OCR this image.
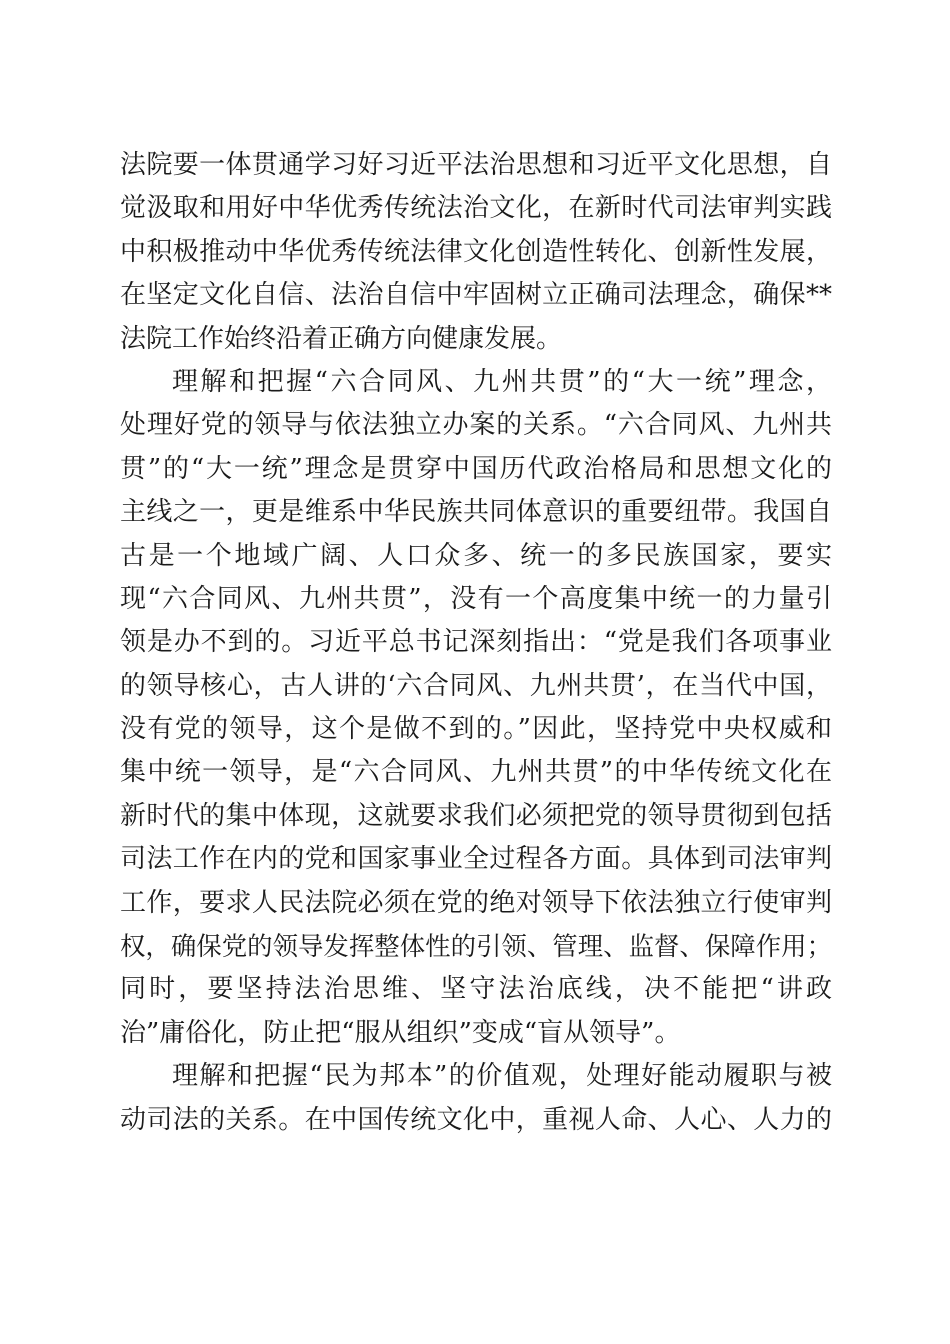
法院要一体贯通学习好习近平法治思想和习近平文化思想，自
觉汲取和用好中华优秀传统法治文化，在新时代司法审判实践
中积极推动中华优秀传统法律文化创造性转化、创新性发展，
在坚定文化自信、法治自信中牢固树立正确司法理念，确保**
法院工作始终沿着正确方向健康发展。
理解和把握“六合同风、九州共贯”的“大一统”理念，
处理好党的领导与依法独立办案的关系。“六合同风、九州共
贯”的“大一统”理念是贯穿中国历代政治格局和思想文化的
主线之一，更是维系中华民族共同体意识的重要纽带。我国自
古是一个地域广阔、人口众多、统一的多民族国家，要实
现“六合同风、九州共贯”，没有一个高度集中统一的力量引
领是办不到的。习近平总书记深刻指出：“党是我们各项事业
的领导核心，古人讲的‘六合同风、九州共贯’，在当代中国，
没有党的领导，这个是做不到的。”因此，坚持党中央权威和
集中统一领导，是“六合同风、九州共贯”的中华传统文化在
新时代的集中体现，这就要求我们必须把党的领导贯彻到包括
司法工作在内的党和国家事业全过程各方面。具体到司法审判
工作，要求人民法院必须在党的绝对领导下依法独立行使审判
权，确保党的领导发挥整体性的引领、管理、监督、保障作用；
同时，要坚持法治思维、坚守法治底线，决不能把“讲政
治”庸俗化，防止把“服从组织”变成“盲从领导”。
理解和把握“民为邦本”的价值观，处理好能动履职与被
动司法的关系。在中国传统文化中，重视人命、人心、人力的
